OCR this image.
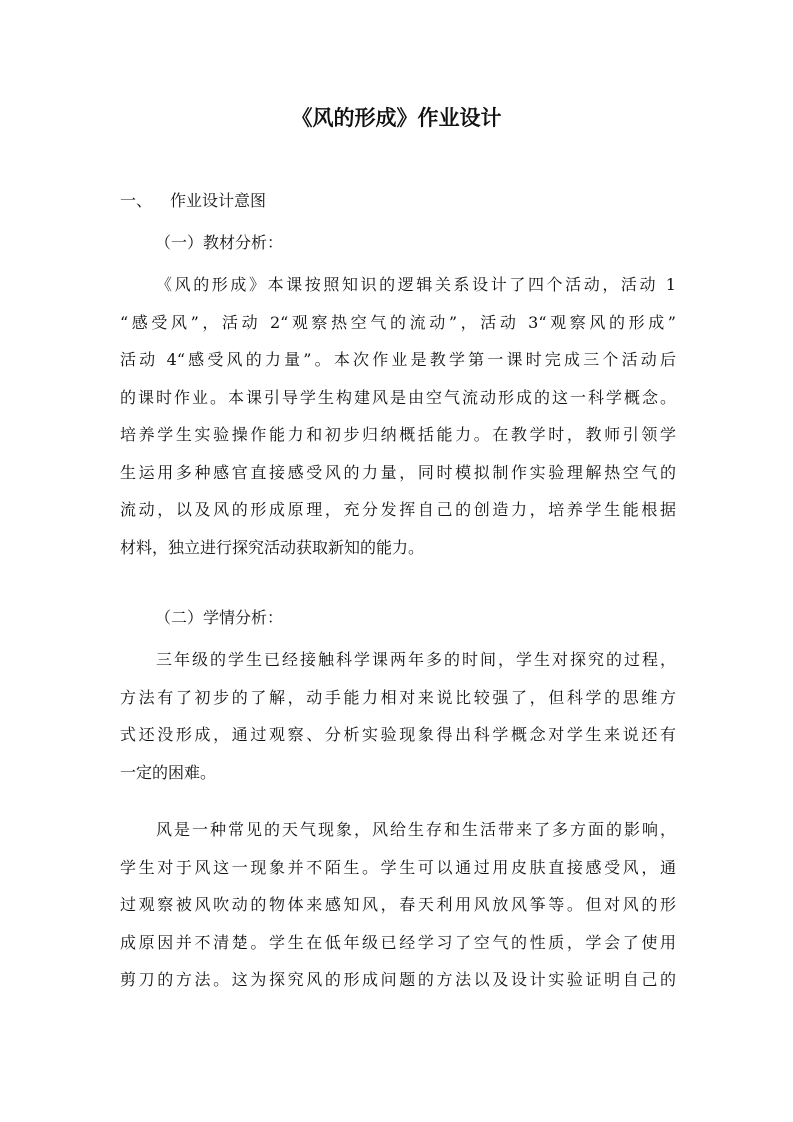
《风的形成》作业设计

一、 作业设计意图

（一）教材分析：

《风的形成》本课按照知识的逻辑关系设计了四个活动，活动 1
“感受风”，活动 2“观察热空气的流动”，活动 3“观察风的形成”
活动 4“感受风的力量”。本次作业是教学第一课时完成三个活动后
的课时作业。本课引导学生构建风是由空气流动形成的这一科学概念。
培养学生实验操作能力和初步归纳概括能力。在教学时，教师引领学
生运用多种感官直接感受风的力量，同时模拟制作实验理解热空气的
流动，以及风的形成原理，充分发挥自己的创造力，培养学生能根据
材料，独立进行探究活动获取新知的能力。

（二）学情分析：

三年级的学生已经接触科学课两年多的时间，学生对探究的过程，
方法有了初步的了解，动手能力相对来说比较强了，但科学的思维方
式还没形成，通过观察、分析实验现象得出科学概念对学生来说还有
一定的困难。
风是一种常见的天气现象，风给生存和生活带来了多方面的影响，
学生对于风这一现象并不陌生。学生可以通过用皮肤直接感受风，通
过观察被风吹动的物体来感知风，春天利用风放风筝等。但对风的形
成原因并不清楚。学生在低年级已经学习了空气的性质，学会了使用
剪刀的方法。这为探究风的形成问题的方法以及设计实验证明自己的
